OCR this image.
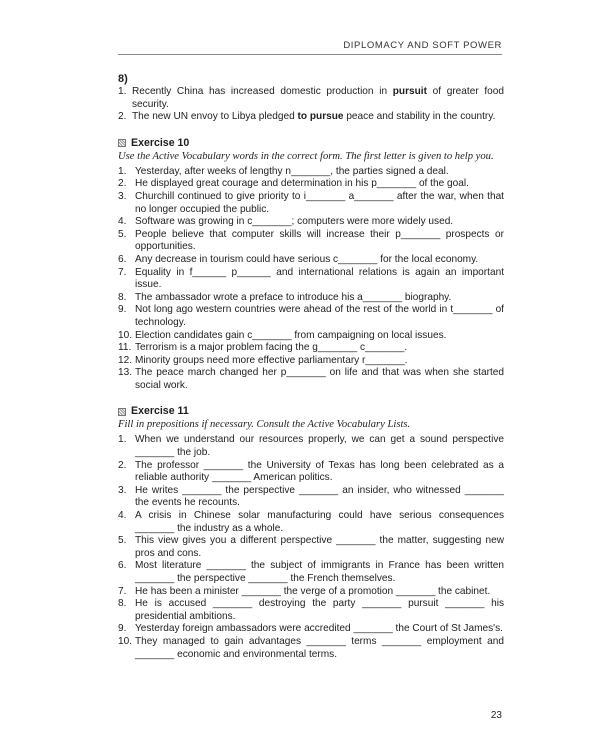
DIPLOMACY AND SOFT POWER
8)
1. Recently China has increased domestic production in pursuit of greater food security.
2. The new UN envoy to Libya pledged to pursue peace and stability in the country.
Exercise 10
Use the Active Vocabulary words in the correct form. The first letter is given to help you.
1. Yesterday, after weeks of lengthy n_______, the parties signed a deal.
2. He displayed great courage and determination in his p_______ of the goal.
3. Churchill continued to give priority to i_______ a_______ after the war, when that no longer occupied the public.
4. Software was growing in c_______; computers were more widely used.
5. People believe that computer skills will increase their p_______ prospects or opportunities.
6. Any decrease in tourism could have serious c_______ for the local economy.
7. Equality in f______ p______ and international relations is again an important issue.
8. The ambassador wrote a preface to introduce his a_______ biography.
9. Not long ago western countries were ahead of the rest of the world in t_______ of technology.
10. Election candidates gain c_______ from campaigning on local issues.
11. Terrorism is a major problem facing the g_______ c_______.
12. Minority groups need more effective parliamentary r_______.
13. The peace march changed her p_______ on life and that was when she started social work.
Exercise 11
Fill in prepositions if necessary. Consult the Active Vocabulary Lists.
1. When we understand our resources properly, we can get a sound perspective _______ the job.
2. The professor _______ the University of Texas has long been celebrated as a reliable authority _______ American politics.
3. He writes _______ the perspective _______ an insider, who witnessed _______ the events he recounts.
4. A crisis in Chinese solar manufacturing could have serious consequences _______ the industry as a whole.
5. This view gives you a different perspective _______ the matter, suggesting new pros and cons.
6. Most literature _______ the subject of immigrants in France has been written _______ the perspective _______ the French themselves.
7. He has been a minister _______ the verge of a promotion _______ the cabinet.
8. He is accused _______ destroying the party _______ pursuit _______ his presidential ambitions.
9. Yesterday foreign ambassadors were accredited _______ the Court of St James's.
10. They managed to gain advantages _______ terms _______ employment and _______ economic and environmental terms.
23
